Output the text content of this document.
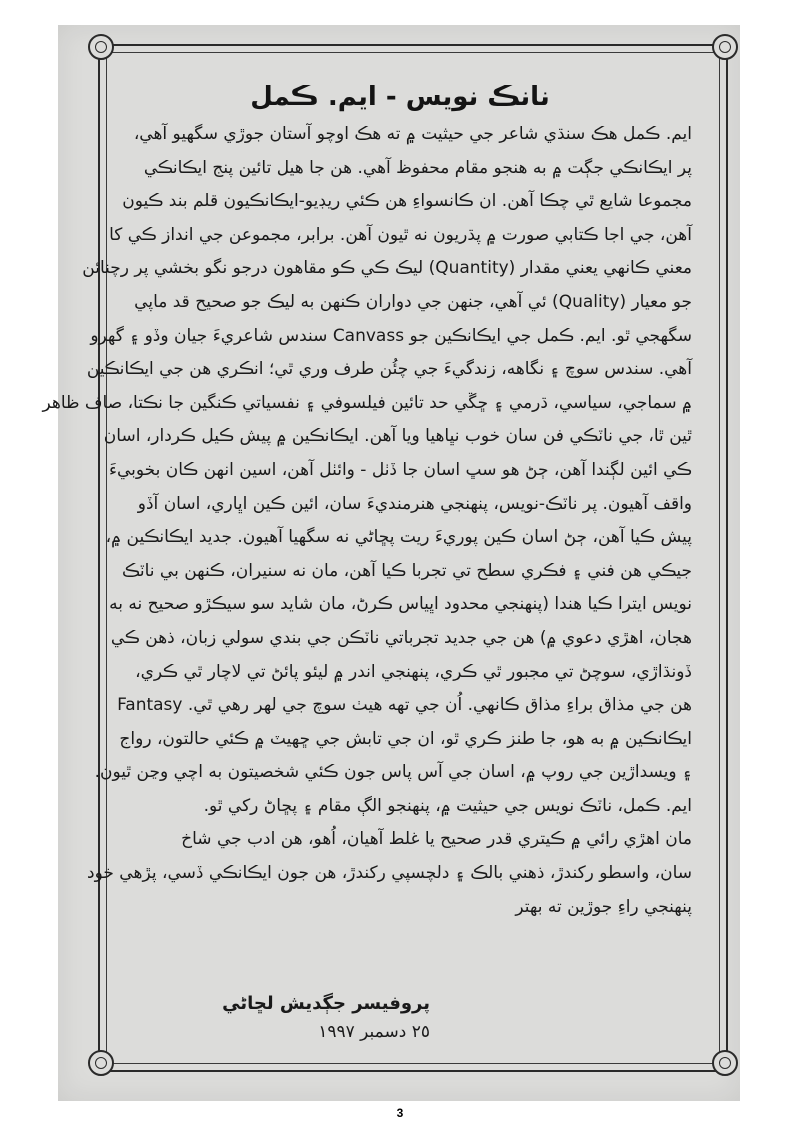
نانڪ نويس - ايم. ڪمل
ايم. ڪمل هڪ سنڌي شاعر جي حيثيت ۾ ته هڪ اوچو آستان جوڙي سگهيو آهي،
پر ايڪانڪي جڳت ۾ به هنجو مقام محفوظ آهي. هن جا هيل تائين پنج ايڪانڪي
مجموعا شايع ٿي چڪا آهن. ان ڪانسواءِ هن ڪئي ريڊيو-ايڪانڪيون قلم بند ڪيون
آهن، جي اجا ڪتابي صورت ۾ پڌريون نه ٿيون آهن. برابر، مجموعن جي انداز ڪي کا
معني ڪانهي يعني مقدار (Quantity) ليڪ ڪي ڪو مقاهون درجو نگو بخشي پر رچنائن
جو معيار (Quality) ئي آهي، جنهن جي دواران ڪنهن به ليڪ جو صحيح قد ماپي
سگهجي ٿو. ايم. ڪمل جي ايڪانڪين جو Canvass سندس شاعريءَ جيان وڏو ۽ گهرو
آهي. سندس سوچ ۽ نگاهه، زندگيءَ جي چئُن طرف وري ٿي؛ انڪري هن جي ايڪانڪين
۾ سماجي، سياسي، ڌرمي ۽ ڇڱي حد تائين فيلسوفي ۽ نفسياتي ڪنگين جا نڪتا، صاف ظاهر
ٿين ٿا، جي ناٽڪي فن سان خوب نڀاهيا ويا آهن. ايڪانڪين ۾ پيش ڪيل ڪردار، اسان
ڪي ائين لڳندا آهن، ڄڻ هو سڀ اسان جا ڏٺل - وائٺل آهن، اسين انهن ڪان بخوبيءَ
واقف آهيون. پر ناٽڪ-نويس، پنهنجي هنرمنديءَ سان، ائين ڪين اڀاري، اسان آڏو
پيش ڪيا آهن، ڄڻ اسان ڪين پوريءَ ريت پڇاڻي نه سگهيا آهيون. جديد ايڪانڪين ۾،
جيڪي هن فني ۽ فڪري سطح تي تجربا ڪيا آهن، مان نه سنيران، ڪنهن بي ناٽڪ
نويس ايترا ڪيا هندا (پنهنجي محدود اڀياس ڪرڻ، مان شايد سو سيڪڙو صحيح نه به
هجان، اهڙي دعوي ۾) هن جي جديد تجرباتي ناٽڪن جي بندي سولي زبان، ذهن ڪي
ڏونڌاڙي، سوچڻ تي مجبور ٿي ڪري، پنهنجي اندر ۾ ليئو پائڻ تي لاچار ٿي ڪري،
هن جي مذاق براءِ مذاق ڪانهي. اُن جي تهه هيٺ سوچ جي لهر رهي ٿي. Fantasy
ايڪانڪين ۾ به هو، جا طنز ڪري ٿو، ان جي تابش جي ڇهيٽ ۾ ڪئي حالتون، رواج
۽ ويسداڙين جي روپ ۾، اسان جي آس پاس جون ڪئي شخصيتون به اچي وڃن ٿيون.
ايم. ڪمل، ناٽڪ نويس جي حيثيت ۾، پنهنجو الڳ مقام ۽ پڇاڻ رکي ٿو.
مان اهڙي رائي ۾ ڪيتري قدر صحيح يا غلط آهيان، اُهو، هن ادب جي شاخ
سان، واسطو رکندڙ، ذهني بالڪ ۽ دلچسپي رکندڙ، هن جون ايڪانڪي ڏسي، پڙهي خود
پنهنجي راءِ جوڙين ته بهتر
پروفيسر جڳديش لڇاڻي
٢٥ دسمبر ١٩٩٧
3
